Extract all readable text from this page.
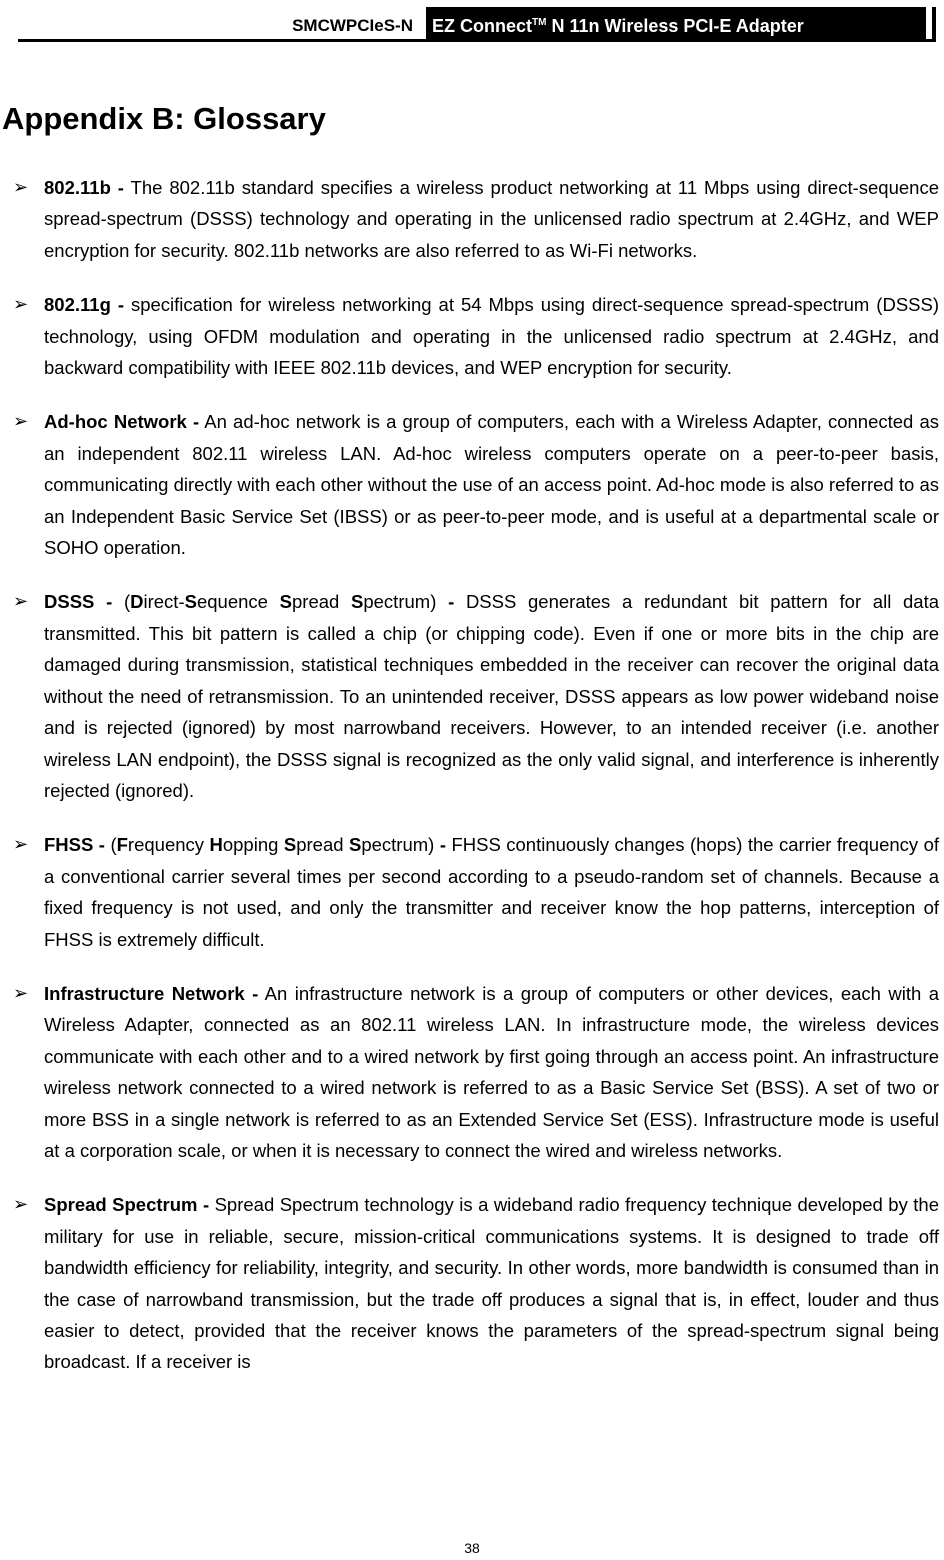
SMCWPCIeS-N	EZ Connect™ N 11n Wireless PCI-E Adapter
Appendix B: Glossary
➢ 802.11b - The 802.11b standard specifies a wireless product networking at 11 Mbps using direct-sequence spread-spectrum (DSSS) technology and operating in the unlicensed radio spectrum at 2.4GHz, and WEP encryption for security. 802.11b networks are also referred to as Wi-Fi networks.

➢ 802.11g - specification for wireless networking at 54 Mbps using direct-sequence spread-spectrum (DSSS) technology, using OFDM modulation and operating in the unlicensed radio spectrum at 2.4GHz, and backward compatibility with IEEE 802.11b devices, and WEP encryption for security.

➢ Ad-hoc Network - An ad-hoc network is a group of computers, each with a Wireless Adapter, connected as an independent 802.11 wireless LAN. Ad-hoc wireless computers operate on a peer-to-peer basis, communicating directly with each other without the use of an access point. Ad-hoc mode is also referred to as an Independent Basic Service Set (IBSS) or as peer-to-peer mode, and is useful at a departmental scale or SOHO operation.

➢ DSSS - (Direct-Sequence Spread Spectrum) - DSSS generates a redundant bit pattern for all data transmitted. This bit pattern is called a chip (or chipping code). Even if one or more bits in the chip are damaged during transmission, statistical techniques embedded in the receiver can recover the original data without the need of retransmission. To an unintended receiver, DSSS appears as low power wideband noise and is rejected (ignored) by most narrowband receivers. However, to an intended receiver (i.e. another wireless LAN endpoint), the DSSS signal is recognized as the only valid signal, and interference is inherently rejected (ignored).

➢ FHSS - (Frequency Hopping Spread Spectrum) - FHSS continuously changes (hops) the carrier frequency of a conventional carrier several times per second according to a pseudo-random set of channels. Because a fixed frequency is not used, and only the transmitter and receiver know the hop patterns, interception of FHSS is extremely difficult.

➢ Infrastructure Network - An infrastructure network is a group of computers or other devices, each with a Wireless Adapter, connected as an 802.11 wireless LAN. In infrastructure mode, the wireless devices communicate with each other and to a wired network by first going through an access point. An infrastructure wireless network connected to a wired network is referred to as a Basic Service Set (BSS). A set of two or more BSS in a single network is referred to as an Extended Service Set (ESS). Infrastructure mode is useful at a corporation scale, or when it is necessary to connect the wired and wireless networks.

➢ Spread Spectrum - Spread Spectrum technology is a wideband radio frequency technique developed by the military for use in reliable, secure, mission-critical communications systems. It is designed to trade off bandwidth efficiency for reliability, integrity, and security. In other words, more bandwidth is consumed than in the case of narrowband transmission, but the trade off produces a signal that is, in effect, louder and thus easier to detect, provided that the receiver knows the parameters of the spread-spectrum signal being broadcast. If a receiver is

38
